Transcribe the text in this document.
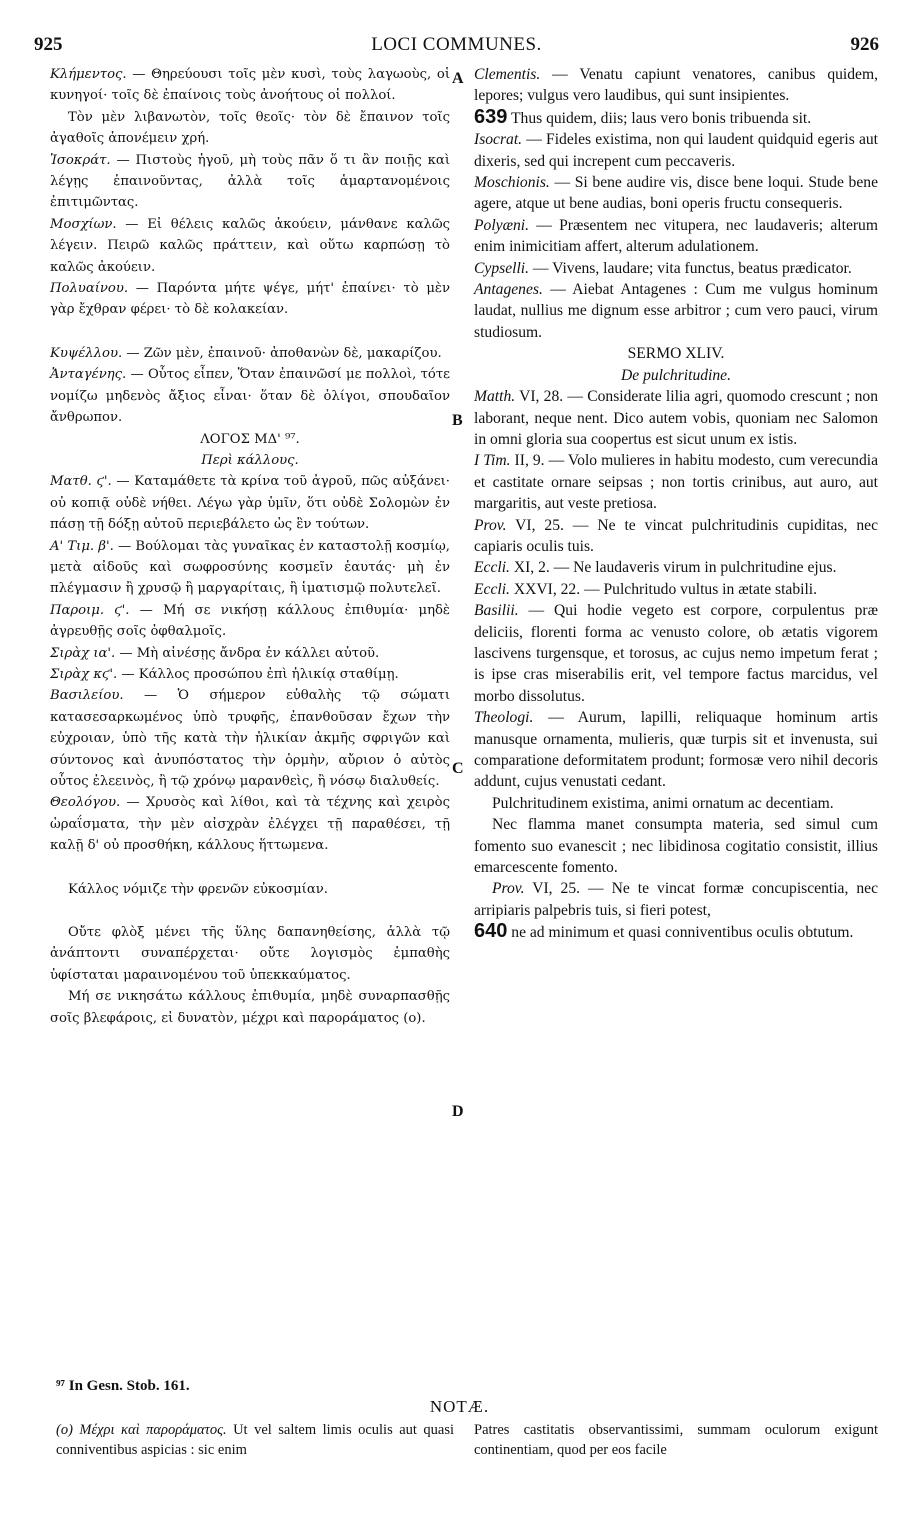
925	LOCI COMMUNES.	926
A
B
C
D

Κλήμεντος. — Θηρεύουσι τοῖς μὲν κυσὶ, τοὺς λαγωοὺς, οἱ κυνηγοί· τοῖς δὲ ἐπαίνοις τοὺς ἀνοήτους οἱ πολλοί.

Τὸν μὲν λιβανωτὸν, τοῖς θεοῖς· τὸν δὲ ἔπαινον τοῖς ἀγαθοῖς ἀπονέμειν χρή.

Ἰσοκράτ. — Πιστοὺς ἡγοῦ, μὴ τοὺς πᾶν ὅ τι ἂν ποιῇς καὶ λέγῃς ἐπαινοῦντας, ἀλλὰ τοῖς ἁμαρτανομένοις ἐπιτιμῶντας.

Μοσχίων. — Εἰ θέλεις καλῶς ἀκούειν, μάνθανε καλῶς λέγειν. Πειρῶ καλῶς πράττειν, καὶ οὕτω καρπώσῃ τὸ καλῶς ἀκούειν.

Πολυαίνου. — Παρόντα μήτε ψέγε, μήτ' ἐπαίνει· τὸ μὲν γὰρ ἔχθραν φέρει· τὸ δὲ κολακείαν.

Κυψέλλου. — Ζῶν μὲν, ἐπαινοῦ· ἀποθανὼν δὲ, μακαρίζου.

Ἀνταγένης. — Οὗτος εἶπεν, Ὅταν ἐπαινῶσί με πολλοὶ, τότε νομίζω μηδενὸς ἄξιος εἶναι· ὅταν δὲ ὀλίγοι, σπουδαῖον ἄνθρωπον.

ΛΟΓΟΣ ΜΔ' ⁹⁷.

Περὶ κάλλους.

Ματθ. ϛ'. — Καταμάθετε τὰ κρίνα τοῦ ἀγροῦ, πῶς αὐξάνει· οὐ κοπιᾷ οὐδὲ νήθει. Λέγω γὰρ ὑμῖν, ὅτι οὐδὲ Σολομὼν ἐν πάσῃ τῇ δόξῃ αὐτοῦ περιεβάλετο ὡς ἓν τούτων.

Α' Τιμ. β'. — Βούλομαι τὰς γυναῖκας ἐν καταστολῇ κοσμίῳ, μετὰ αἰδοῦς καὶ σωφροσύνης κοσμεῖν ἑαυτάς· μὴ ἐν πλέγμασιν ἢ χρυσῷ ἢ μαργαρίταις, ἢ ἱματισμῷ πολυτελεῖ.

Παροιμ. ϛ'. — Μή σε νικήσῃ κάλλους ἐπιθυμία· μηδὲ ἀγρευθῇς σοῖς ὀφθαλμοῖς.

Σιρὰχ ια'. — Μὴ αἰνέσῃς ἄνδρα ἐν κάλλει αὐτοῦ.

Σιρὰχ κϛ'. — Κάλλος προσώπου ἐπὶ ἡλικίᾳ σταθίμῃ.

Βασιλείου. — Ὁ σήμερον εὐθαλὴς τῷ σώματι κατασεσαρκωμένος ὑπὸ τρυφῆς, ἐπανθοῦσαν ἔχων τὴν εὐχροιαν, ὑπὸ τῆς κατὰ τὴν ἡλικίαν ἀκμῆς σφριγῶν καὶ σύντονος καὶ ἀνυπόστατος τὴν ὁρμὴν, αὔριον ὁ αὐτὸς οὗτος ἐλεεινὸς, ἢ τῷ χρόνῳ μαρανθεὶς, ἢ νόσῳ διαλυθείς.

Θεολόγου. — Χρυσὸς καὶ λίθοι, καὶ τὰ τέχνης καὶ χειρὸς ὡραΐσματα, τὴν μὲν αἰσχρὰν ἐλέγχει τῇ παραθέσει, τῇ καλῇ δ' οὐ προσθήκη, κάλλους ἥττωμενα.

Κάλλος νόμιζε τὴν φρενῶν εὐκοσμίαν.

Οὔτε φλὸξ μένει τῆς ὕλης δαπανηθείσης, ἀλλὰ τῷ ἀνάπτοντι συναπέρχεται· οὔτε λογισμὸς ἐμπαθὴς ὑφίσταται μαραινομένου τοῦ ὑπεκκαύματος.

Μή σε νικησάτω κάλλους ἐπιθυμία, μηδὲ συναρπασθῇς σοῖς βλεφάροις, εἰ δυνατὸν, μέχρι καὶ παροράματος (ο).

Clementis. — Venatu capiunt venatores, canibus quidem, lepores; vulgus vero laudibus, qui sunt insipientes.

639 Thus quidem, diis; laus vero bonis tribuenda sit.

Isocrat. — Fideles existima, non qui laudent quidquid egeris aut dixeris, sed qui increpent cum peccaveris.

Moschionis. — Si bene audire vis, disce bene loqui. Stude bene agere, atque ut bene audias, boni operis fructu consequeris.

Polyæni. — Præsentem nec vitupera, nec laudaveris; alterum enim inimicitiam affert, alterum adulationem.

Cypselli. — Vivens, laudare; vita functus, beatus prædicator.

Antagenes. — Aiebat Antagenes : Cum me vulgus hominum laudat, nullius me dignum esse arbitror ; cum vero pauci, virum studiosum.

SERMO XLIV.

De pulchritudine.

Matth. VI, 28. — Considerate lilia agri, quomodo crescunt ; non laborant, neque nent. Dico autem vobis, quoniam nec Salomon in omni gloria sua coopertus est sicut unum ex istis.

I Tim. II, 9. — Volo mulieres in habitu modesto, cum verecundia et castitate ornare seipsas ; non tortis crinibus, aut auro, aut margaritis, aut veste pretiosa.

Prov. VI, 25. — Ne te vincat pulchritudinis cupiditas, nec capiaris oculis tuis.

Eccli. XI, 2. — Ne laudaveris virum in pulchritudine ejus.

Eccli. XXVI, 22. — Pulchritudo vultus in ætate stabili.

Basilii. — Qui hodie vegeto est corpore, corpulentus præ deliciis, florenti forma ac venusto colore, ob ætatis vigorem lascivens turgensque, et torosus, ac cujus nemo impetum ferat ; is ipse cras miserabilis erit, vel tempore factus marcidus, vel morbo dissolutus.

Theologi. — Aurum, lapilli, reliquaque hominum artis manusque ornamenta, mulieris, quæ turpis sit et invenusta, sui comparatione deformitatem produnt; formosæ vero nihil decoris addunt, cujus venustati cedant.

Pulchritudinem existima, animi ornatum ac decentiam.

Nec flamma manet consumpta materia, sed simul cum fomento suo evanescit ; nec libidinosa cogitatio consistit, illius emarcescente fomento.

Prov. VI, 25. — Ne te vincat formæ concupiscentia, nec arripiaris palpebris tuis, si fieri potest,

640 ne ad minimum et quasi conniventibus oculis obtutum.

⁹⁷ In Gesn. Stob. 161.
NOTÆ.
(ο) Μέχρι καὶ παροράματος. Ut vel saltem limis oculis aut quasi conniventibus aspicias : sic enim
Patres castitatis observantissimi, summam oculorum exigunt continentiam, quod per eos facile
